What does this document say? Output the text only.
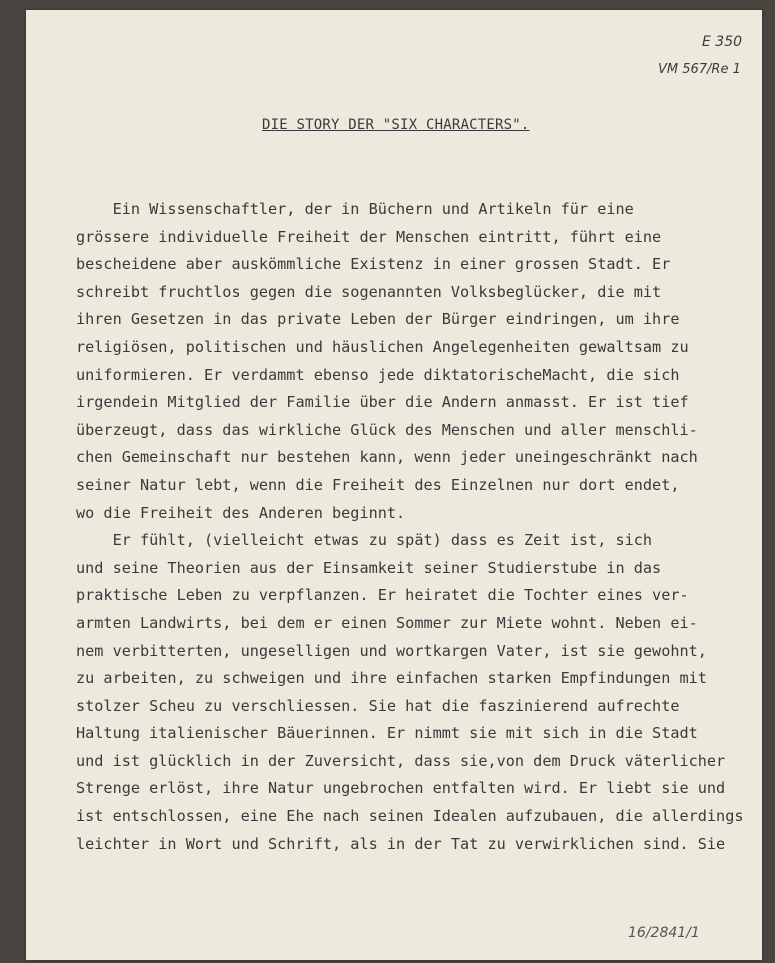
E 350
VM 567/Re 1
DIE STORY DER "SIX CHARACTERS".
Ein Wissenschaftler, der in Büchern und Artikeln für eine
grössere individuelle Freiheit der Menschen eintritt, führt eine
bescheidene aber auskömmliche Existenz in einer grossen Stadt. Er
schreibt fruchtlos gegen die sogenannten Volksbeglücker, die mit
ihren Gesetzen in das private Leben der Bürger eindringen, um ihre
religiösen, politischen und häuslichen Angelegenheiten gewaltsam zu
uniformieren. Er verdammt ebenso jede diktatorischeMacht, die sich
irgendein Mitglied der Familie über die Andern anmasst. Er ist tief
überzeugt, dass das wirkliche Glück des Menschen und aller menschli-
chen Gemeinschaft nur bestehen kann, wenn jeder uneingeschränkt nach
seiner Natur lebt, wenn die Freiheit des Einzelnen nur dort endet,
wo die Freiheit des Anderen beginnt.
Er fühlt, (vielleicht etwas zu spät) dass es Zeit ist, sich
und seine Theorien aus der Einsamkeit seiner Studierstube in das
praktische Leben zu verpflanzen. Er heiratet die Tochter eines ver-
armten Landwirts, bei dem er einen Sommer zur Miete wohnt. Neben ei-
nem verbitterten, ungeselligen und wortkargen Vater, ist sie gewohnt,
zu arbeiten, zu schweigen und ihre einfachen starken Empfindungen mit
stolzer Scheu zu verschliessen. Sie hat die faszinierend aufrechte
Haltung italienischer Bäuerinnen. Er nimmt sie mit sich in die Stadt
und ist glücklich in der Zuversicht, dass sie,von dem Druck väterlicher
Strenge erlöst, ihre Natur ungebrochen entfalten wird. Er liebt sie und
ist entschlossen, eine Ehe nach seinen Idealen aufzubauen, die allerdings
leichter in Wort und Schrift, als in der Tat zu verwirklichen sind. Sie
16/2841/1
